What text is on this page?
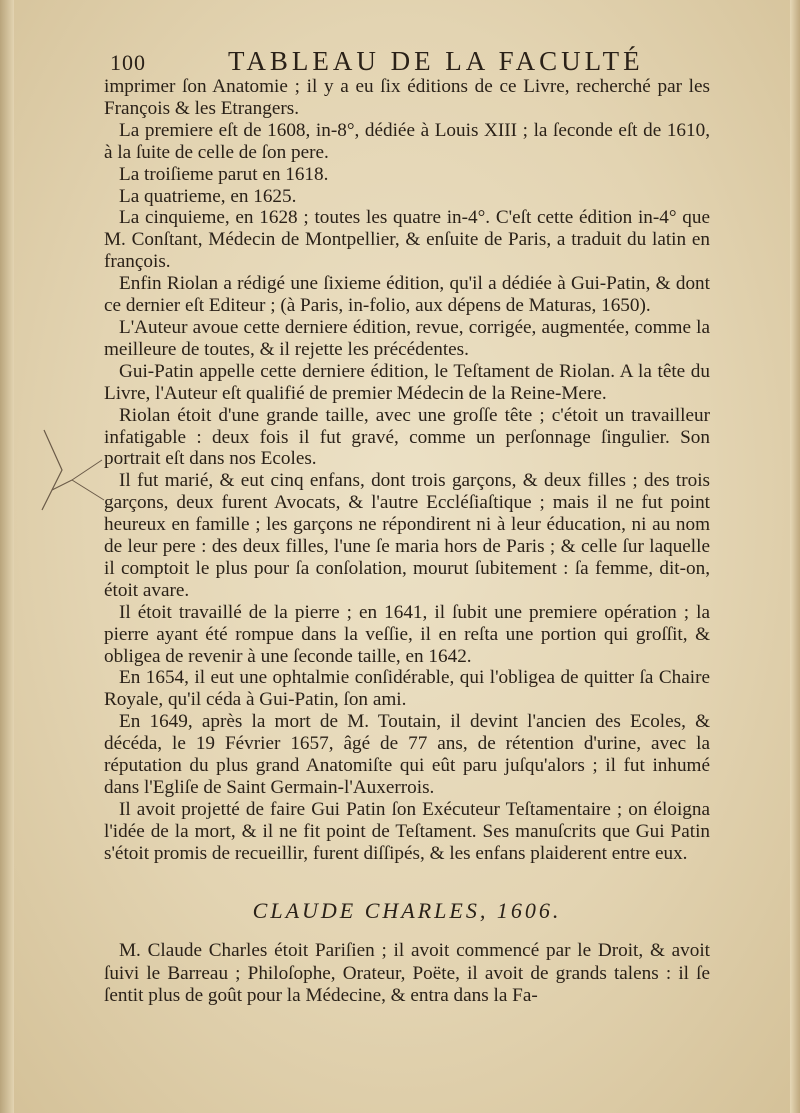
100	TABLEAU DE LA FACULTÉ

imprimer ſon Anatomie ; il y a eu ſix éditions de ce Livre, recherché par les François & les Etrangers.

La premiere eſt de 1608, in-8°, dédiée à Louis XIII ; la ſeconde eſt de 1610, à la ſuite de celle de ſon pere.

La troiſieme parut en 1618.

La quatrieme, en 1625.

La cinquieme, en 1628 ; toutes les quatre in-4°. C'eſt cette édition in-4° que M. Conſtant, Médecin de Montpellier, & enſuite de Paris, a traduit du latin en françois.

Enfin Riolan a rédigé une ſixieme édition, qu'il a dédiée à Gui-Patin, & dont ce dernier eſt Editeur ; (à Paris, in-folio, aux dépens de Maturas, 1650).

L'Auteur avoue cette derniere édition, revue, corrigée, augmentée, comme la meilleure de toutes, & il rejette les précédentes.

Gui-Patin appelle cette derniere édition, le Teſtament de Riolan. A la tête du Livre, l'Auteur eſt qualifié de premier Médecin de la Reine-Mere.

Riolan étoit d'une grande taille, avec une groſſe tête ; c'étoit un travailleur infatigable : deux fois il fut gravé, comme un perſonnage ſingulier. Son portrait eſt dans nos Ecoles.

Il fut marié, & eut cinq enfans, dont trois garçons, & deux filles ; des trois garçons, deux furent Avocats, & l'autre Eccléſiaſtique ; mais il ne fut point heureux en famille ; les garçons ne répondirent ni à leur éducation, ni au nom de leur pere : des deux filles, l'une ſe maria hors de Paris ; & celle ſur laquelle il comptoit le plus pour ſa conſolation, mourut ſubitement : ſa femme, dit-on, étoit avare.

Il étoit travaillé de la pierre ; en 1641, il ſubit une premiere opération ; la pierre ayant été rompue dans la veſſie, il en reſta une portion qui groſſit, & obligea de revenir à une ſeconde taille, en 1642.

En 1654, il eut une ophtalmie conſidérable, qui l'obligea de quitter ſa Chaire Royale, qu'il céda à Gui-Patin, ſon ami.

En 1649, après la mort de M. Toutain, il devint l'ancien des Ecoles, & décéda, le 19 Février 1657, âgé de 77 ans, de rétention d'urine, avec la réputation du plus grand Anatomiſte qui eût paru juſqu'alors ; il fut inhumé dans l'Egliſe de Saint Germain-l'Auxerrois.

Il avoit projetté de faire Gui Patin ſon Exécuteur Teſtamentaire ; on éloigna l'idée de la mort, & il ne fit point de Teſtament. Ses manuſcrits que Gui Patin s'étoit promis de recueillir, furent diſſipés, & les enfans plaiderent entre eux.

CLAUDE CHARLES, 1606.

M. Claude Charles étoit Pariſien ; il avoit commencé par le Droit, & avoit ſuivi le Barreau ; Philoſophe, Orateur, Poëte, il avoit de grands talens : il ſe ſentit plus de goût pour la Médecine, & entra dans la Fa-
